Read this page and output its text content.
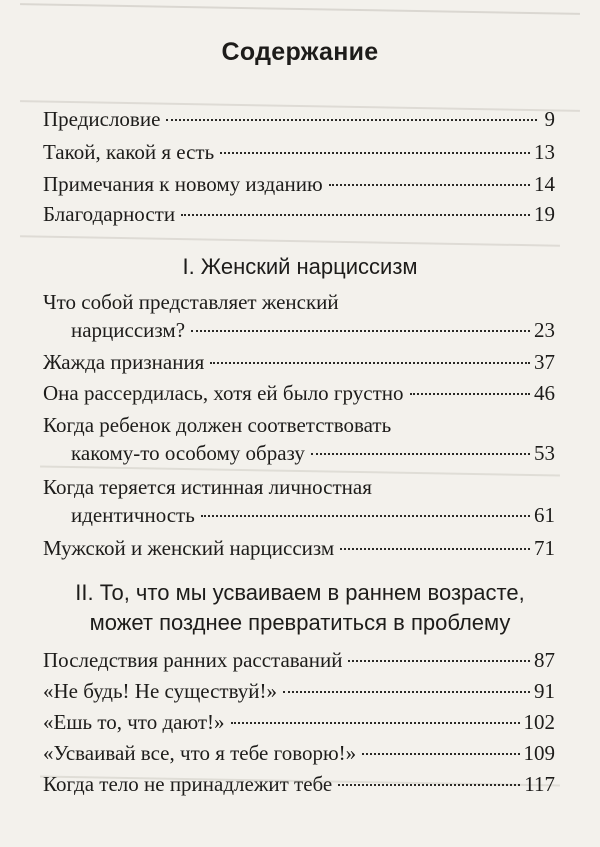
Содержание
Предисловие	9
Такой, какой я есть	13
Примечания к новому изданию	14
Благодарности	19
I. Женский нарциссизм
Что собой представляет женский
нарциссизм?	23
Жажда признания	37
Она рассердилась, хотя ей было грустно	46
Когда ребенок должен соответствовать
какому-то особому образу	53
Когда теряется истинная личностная
идентичность	61
Мужской и женский нарциссизм	71
II. То, что мы усваиваем в раннем возрасте,
может позднее превратиться в проблему
Последствия ранних расставаний	87
«Не будь! Не существуй!»	91
«Ешь то, что дают!»	102
«Усваивай все, что я тебе говорю!»	109
Когда тело не принадлежит тебе	117
